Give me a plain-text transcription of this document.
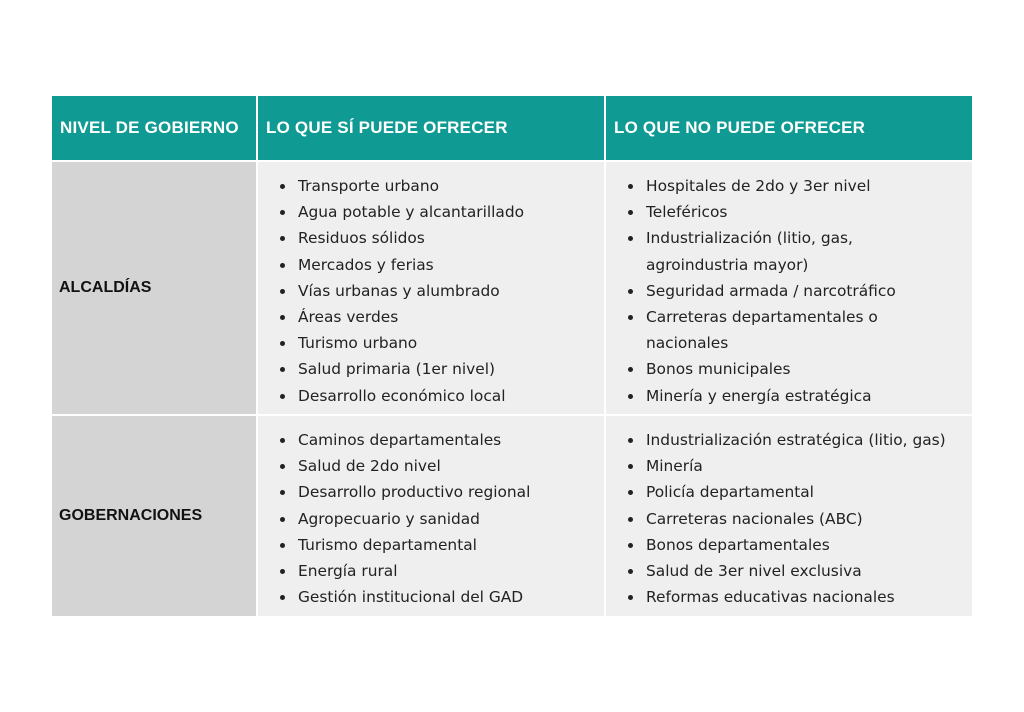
NIVEL DE GOBIERNO	LO QUE SÍ PUEDE OFRECER	LO QUE NO PUEDE OFRECER
ALCALDÍAS
Transporte urbano
Agua potable y alcantarillado
Residuos sólidos
Mercados y ferias
Vías urbanas y alumbrado
Áreas verdes
Turismo urbano
Salud primaria (1er nivel)
Desarrollo económico local
Hospitales de 2do y 3er nivel
Teleféricos
Industrialización (litio, gas, agroindustria mayor)
Seguridad armada / narcotráfico
Carreteras departamentales o nacionales
Bonos municipales
Minería y energía estratégica
GOBERNACIONES
Caminos departamentales
Salud de 2do nivel
Desarrollo productivo regional
Agropecuario y sanidad
Turismo departamental
Energía rural
Gestión institucional del GAD
Industrialización estratégica (litio, gas)
Minería
Policía departamental
Carreteras nacionales (ABC)
Bonos departamentales
Salud de 3er nivel exclusiva
Reformas educativas nacionales
